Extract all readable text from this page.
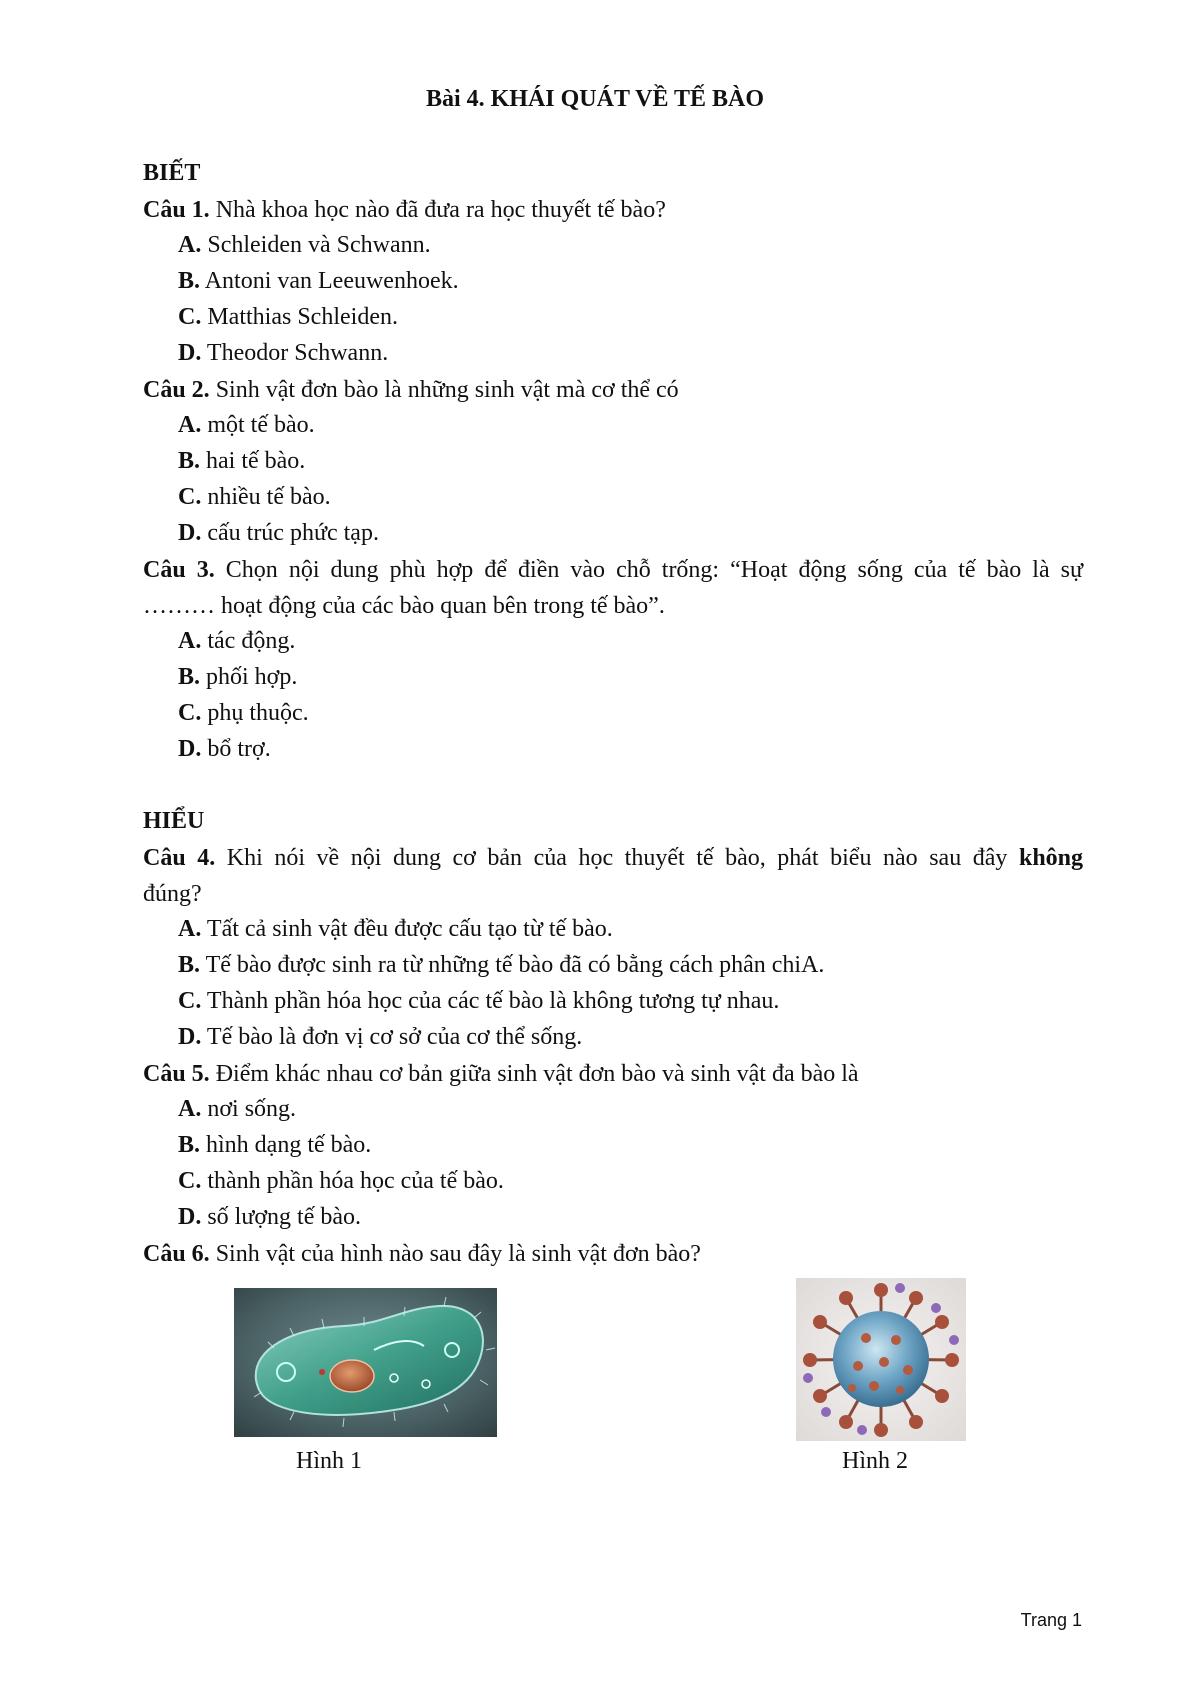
Bài 4. KHÁI QUÁT VỀ TẾ BÀO
BIẾT
Câu 1. Nhà khoa học nào đã đưa ra học thuyết tế bào?
A. Schleiden và Schwann.
B. Antoni van Leeuwenhoek.
C. Matthias Schleiden.
D. Theodor Schwann.
Câu 2. Sinh vật đơn bào là những sinh vật mà cơ thể có
A. một tế bào.
B. hai tế bào.
C. nhiều tế bào.
D. cấu trúc phức tạp.
Câu 3. Chọn nội dung phù hợp để điền vào chỗ trống: “Hoạt động sống của tế bào là sự
……… hoạt động của các bào quan bên trong tế bào”.
A. tác động.
B. phối hợp.
C. phụ thuộc.
D. bổ trợ.
HIỂU
Câu 4. Khi nói về nội dung cơ bản của học thuyết tế bào, phát biểu nào sau đây không
đúng?
A. Tất cả sinh vật đều được cấu tạo từ tế bào.
B. Tế bào được sinh ra từ những tế bào đã có bằng cách phân chiA.
C. Thành phần hóa học của các tế bào là không tương tự nhau.
D. Tế bào là đơn vị cơ sở của cơ thể sống.
Câu 5. Điểm khác nhau cơ bản giữa sinh vật đơn bào và sinh vật đa bào là
A. nơi sống.
B. hình dạng tế bào.
C. thành phần hóa học của tế bào.
D. số lượng tế bào.
Câu 6. Sinh vật của hình nào sau đây là sinh vật đơn bào?
Hình 1	Hình 2
Trang 1
